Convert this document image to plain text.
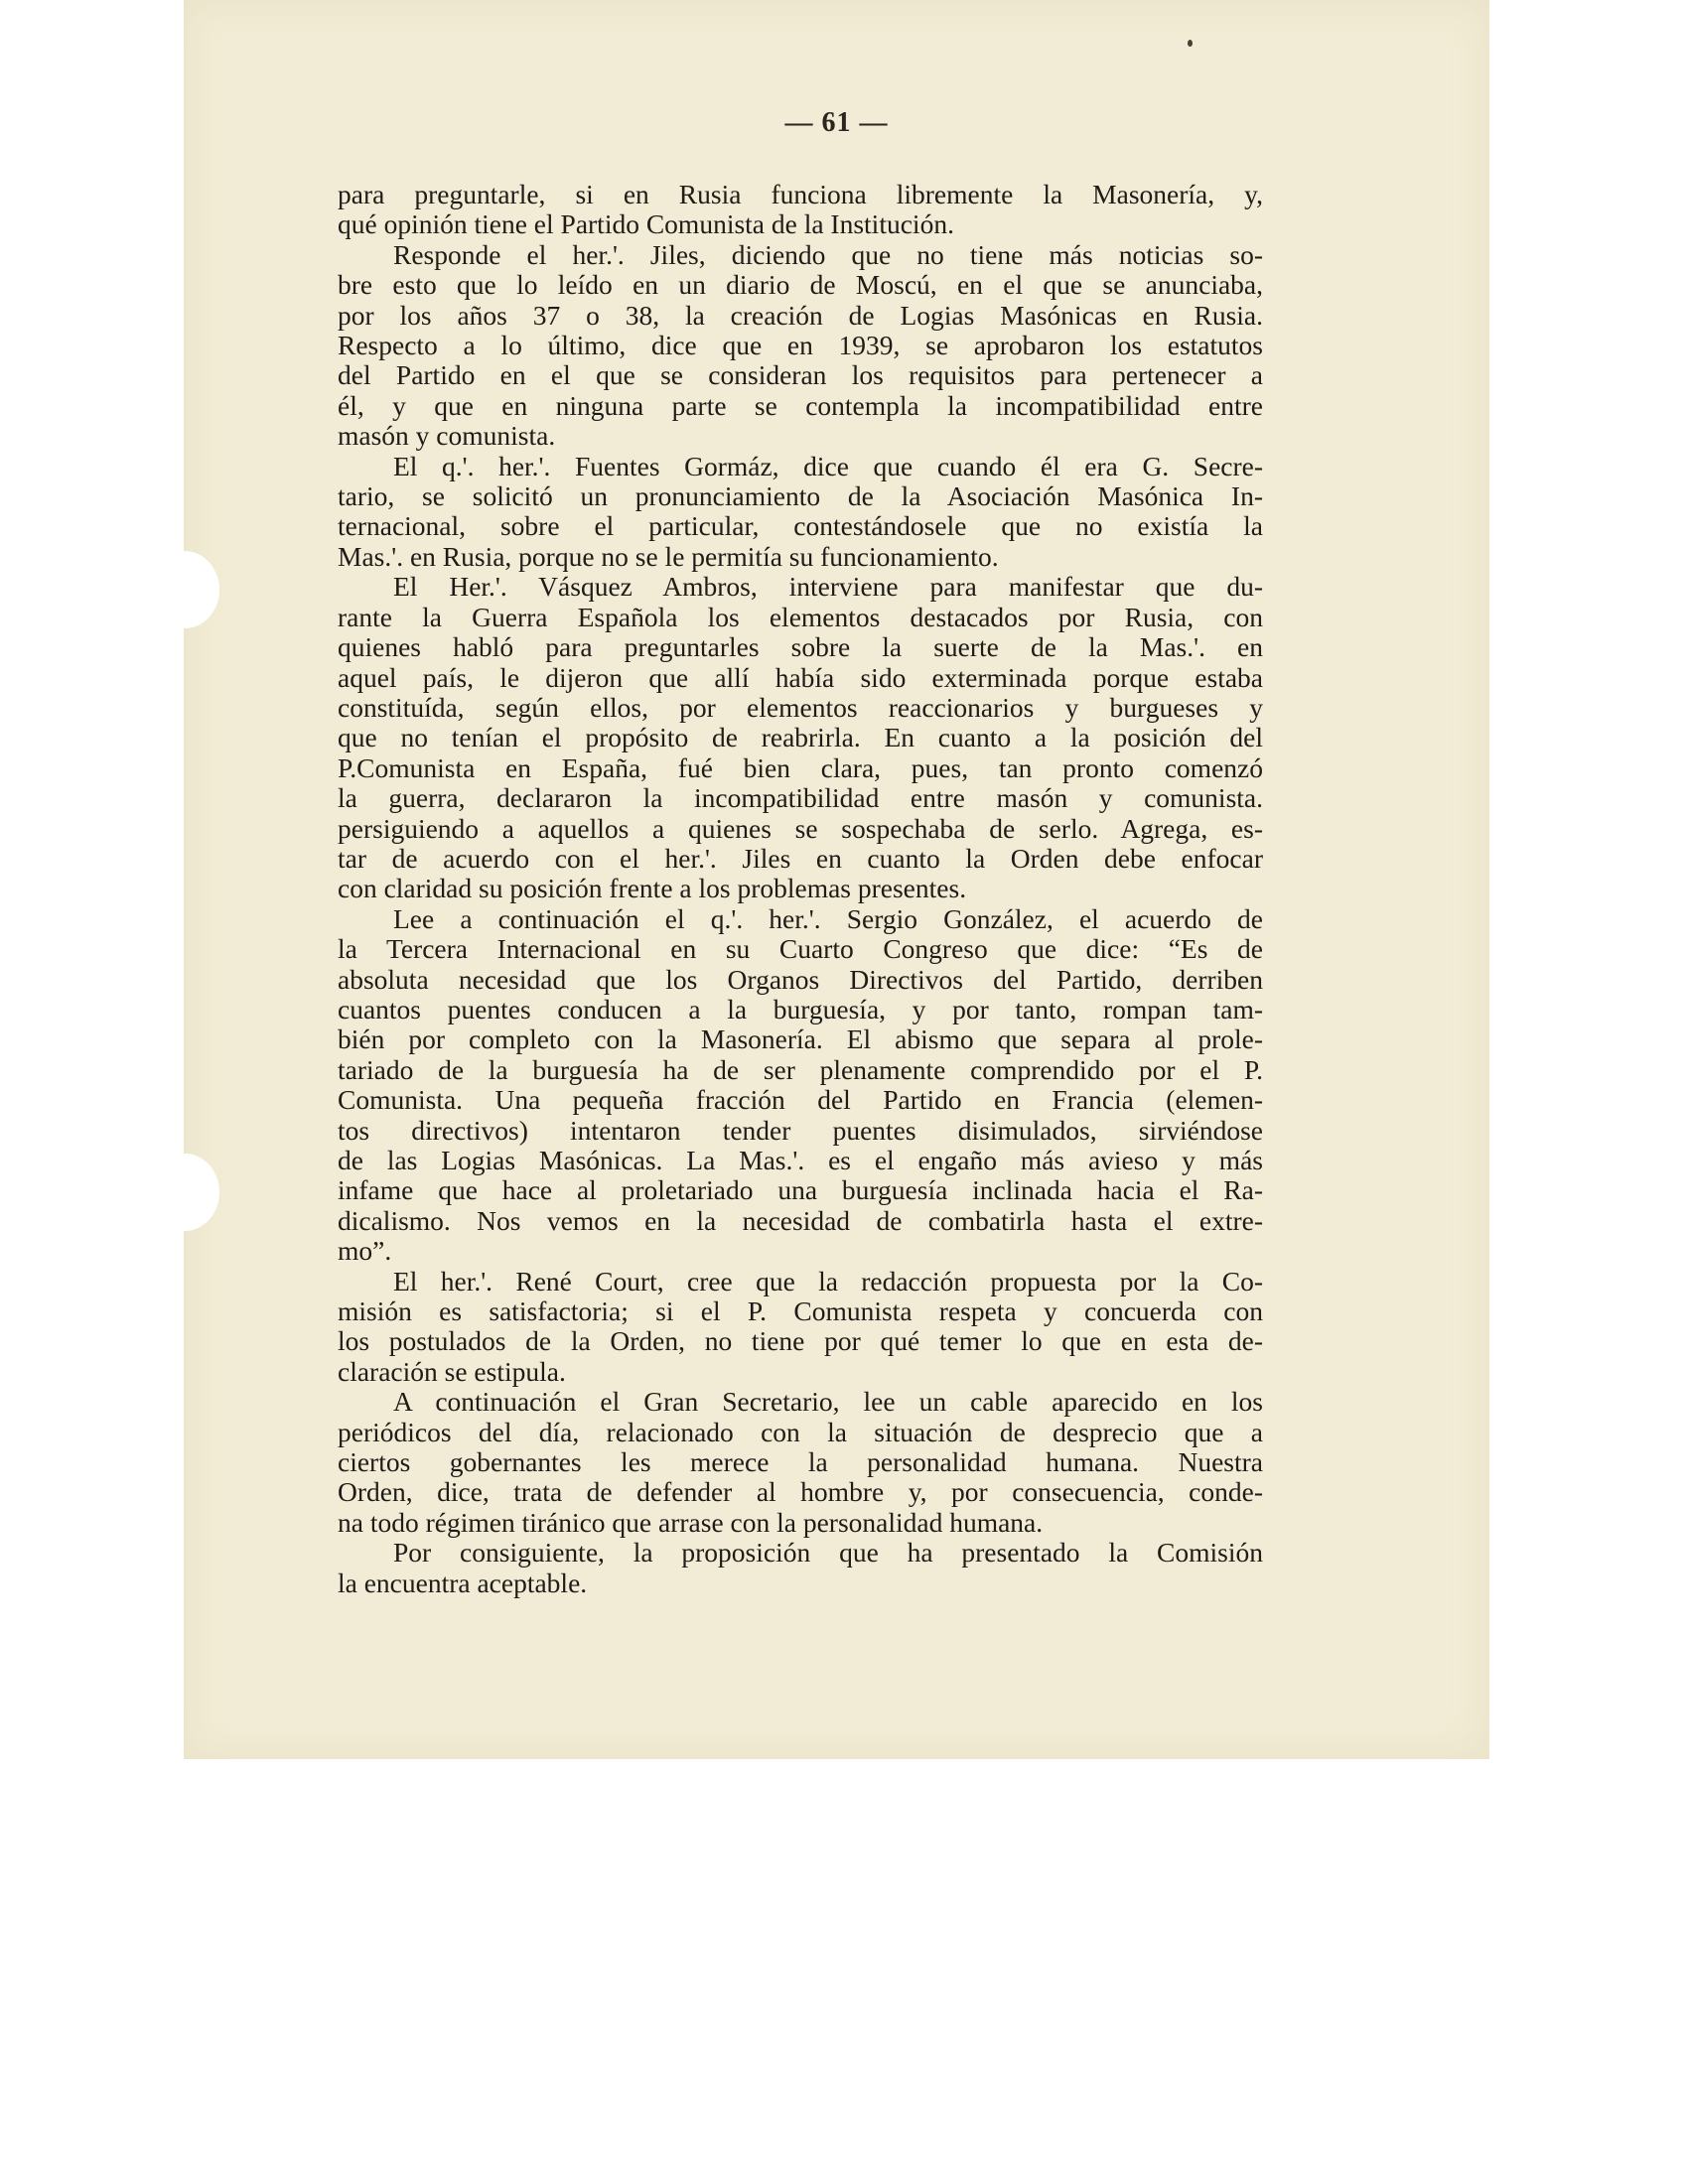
— 61 —
para preguntarle, si en Rusia funciona libremente la Masonería, y,
qué opinión tiene el Partido Comunista de la Institución.
Responde el her.'. Jiles, diciendo que no tiene más noticias so-
bre esto que lo leído en un diario de Moscú, en el que se anunciaba,
por los años 37 o 38, la creación de Logias Masónicas en Rusia.
Respecto a lo último, dice que en 1939, se aprobaron los estatutos
del Partido en el que se consideran los requisitos para pertenecer a
él, y que en ninguna parte se contempla la incompatibilidad entre
masón y comunista.
El q.'. her.'. Fuentes Gormáz, dice que cuando él era G. Secre-
tario, se solicitó un pronunciamiento de la Asociación Masónica In-
ternacional, sobre el particular, contestándosele que no existía la
Mas.'. en Rusia, porque no se le permitía su funcionamiento.
El Her.'. Vásquez Ambros, interviene para manifestar que du-
rante la Guerra Española los elementos destacados por Rusia, con
quienes habló para preguntarles sobre la suerte de la Mas.'. en
aquel país, le dijeron que allí había sido exterminada porque estaba
constituída, según ellos, por elementos reaccionarios y burgueses y
que no tenían el propósito de reabrirla. En cuanto a la posición del
P.Comunista en España, fué bien clara, pues, tan pronto comenzó
la guerra, declararon la incompatibilidad entre masón y comunista.
persiguiendo a aquellos a quienes se sospechaba de serlo. Agrega, es-
tar de acuerdo con el her.'. Jiles en cuanto la Orden debe enfocar
con claridad su posición frente a los problemas presentes.
Lee a continuación el q.'. her.'. Sergio González, el acuerdo de
la Tercera Internacional en su Cuarto Congreso que dice: “Es de
absoluta necesidad que los Organos Directivos del Partido, derriben
cuantos puentes conducen a la burguesía, y por tanto, rompan tam-
bién por completo con la Masonería. El abismo que separa al prole-
tariado de la burguesía ha de ser plenamente comprendido por el P.
Comunista. Una pequeña fracción del Partido en Francia (elemen-
tos directivos) intentaron tender puentes disimulados, sirviéndose
de las Logias Masónicas. La Mas.'. es el engaño más avieso y más
infame que hace al proletariado una burguesía inclinada hacia el Ra-
dicalismo. Nos vemos en la necesidad de combatirla hasta el extre-
mo”.
El her.'. René Court, cree que la redacción propuesta por la Co-
misión es satisfactoria; si el P. Comunista respeta y concuerda con
los postulados de la Orden, no tiene por qué temer lo que en esta de-
claración se estipula.
A continuación el Gran Secretario, lee un cable aparecido en los
periódicos del día, relacionado con la situación de desprecio que a
ciertos gobernantes les merece la personalidad humana. Nuestra
Orden, dice, trata de defender al hombre y, por consecuencia, conde-
na todo régimen tiránico que arrase con la personalidad humana.
Por consiguiente, la proposición que ha presentado la Comisión
la encuentra aceptable.
